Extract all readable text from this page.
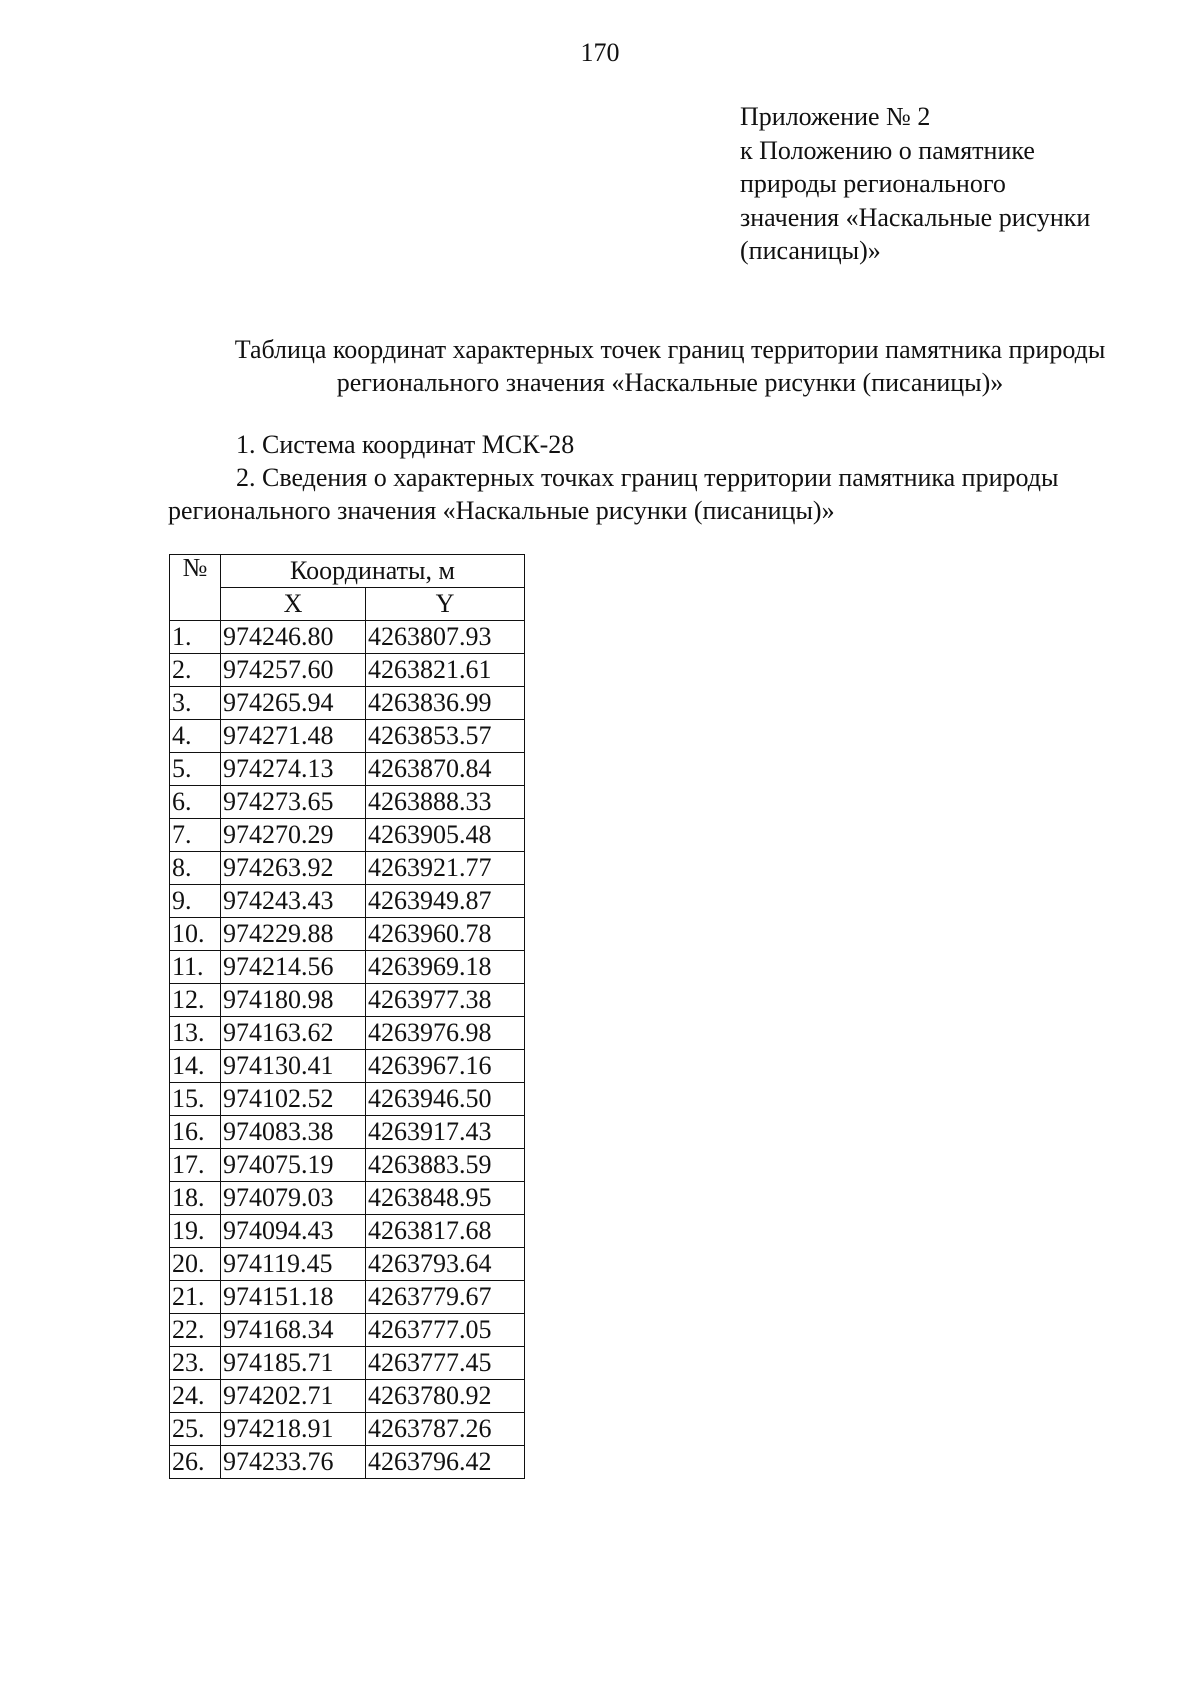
170
Приложение № 2
к Положению о памятнике
природы регионального
значения «Наскальные рисунки
(писаницы)»
Таблица координат характерных точек границ территории памятника природы
регионального значения «Наскальные рисунки (писаницы)»
1. Система координат МСК-28
2. Сведения о характерных точках границ территории памятника природы
регионального значения «Наскальные рисунки (писаницы)»
№	Координаты, м	
	X	Y
1.	974246.80	4263807.93
2.	974257.60	4263821.61
3.	974265.94	4263836.99
4.	974271.48	4263853.57
5.	974274.13	4263870.84
6.	974273.65	4263888.33
7.	974270.29	4263905.48
8.	974263.92	4263921.77
9.	974243.43	4263949.87
10.	974229.88	4263960.78
11.	974214.56	4263969.18
12.	974180.98	4263977.38
13.	974163.62	4263976.98
14.	974130.41	4263967.16
15.	974102.52	4263946.50
16.	974083.38	4263917.43
17.	974075.19	4263883.59
18.	974079.03	4263848.95
19.	974094.43	4263817.68
20.	974119.45	4263793.64
21.	974151.18	4263779.67
22.	974168.34	4263777.05
23.	974185.71	4263777.45
24.	974202.71	4263780.92
25.	974218.91	4263787.26
26.	974233.76	4263796.42
